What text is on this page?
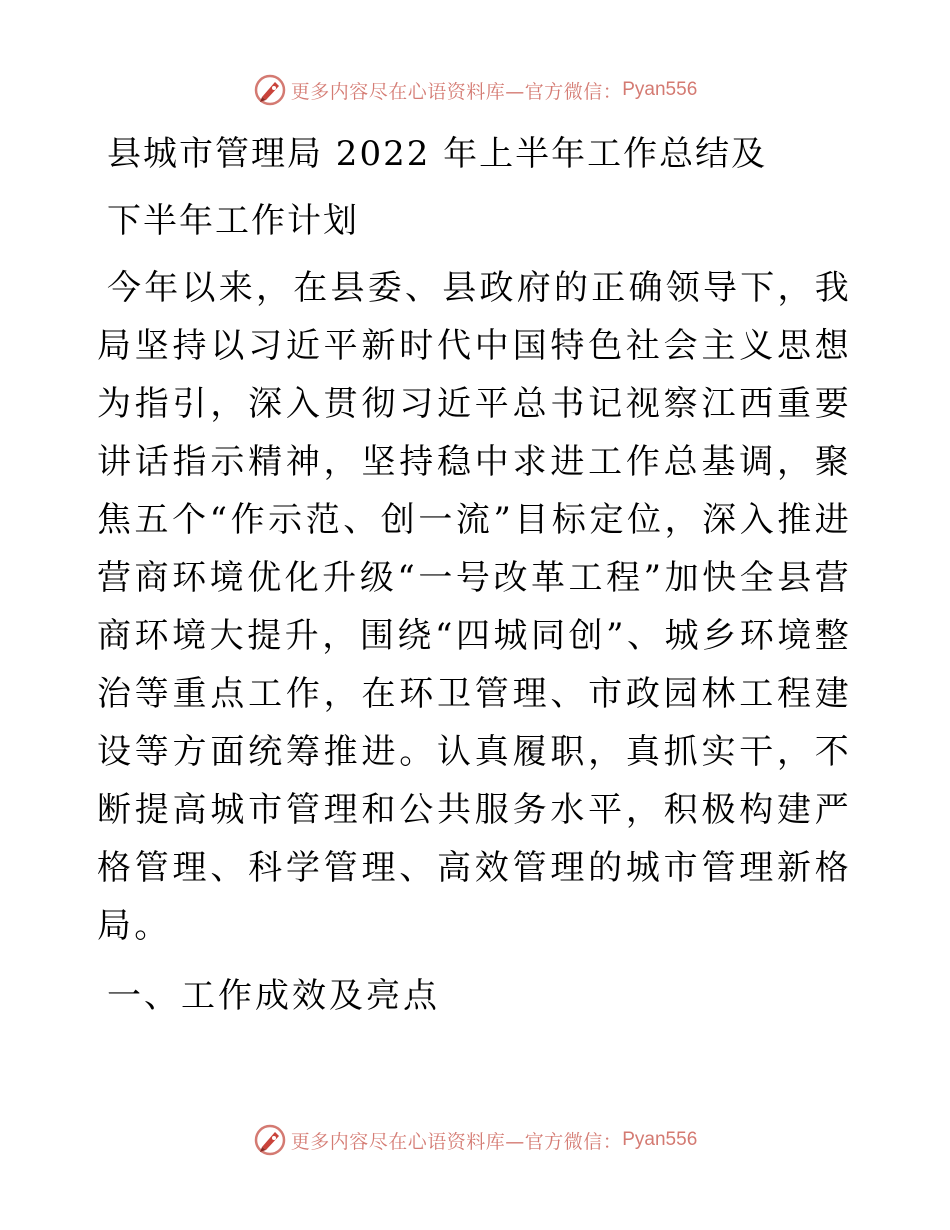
更多内容尽在心语资料库—官方微信： Pyan556
县城市管理局 2022 年上半年工作总结及
下半年工作计划

今年以来，在县委、县政府的正确领导下，我局坚持以习近平新时代中国特色社会主义思想为指引，深入贯彻习近平总书记视察江西重要讲话指示精神，坚持稳中求进工作总基调，聚焦五个“作示范、创一流”目标定位，深入推进营商环境优化升级“一号改革工程”加快全县营商环境大提升，围绕“四城同创”、城乡环境整治等重点工作，在环卫管理、市政园林工程建设等方面统筹推进。认真履职，真抓实干，不断提高城市管理和公共服务水平，积极构建严格管理、科学管理、高效管理的城市管理新格局。

一、工作成效及亮点
更多内容尽在心语资料库—官方微信： Pyan556
